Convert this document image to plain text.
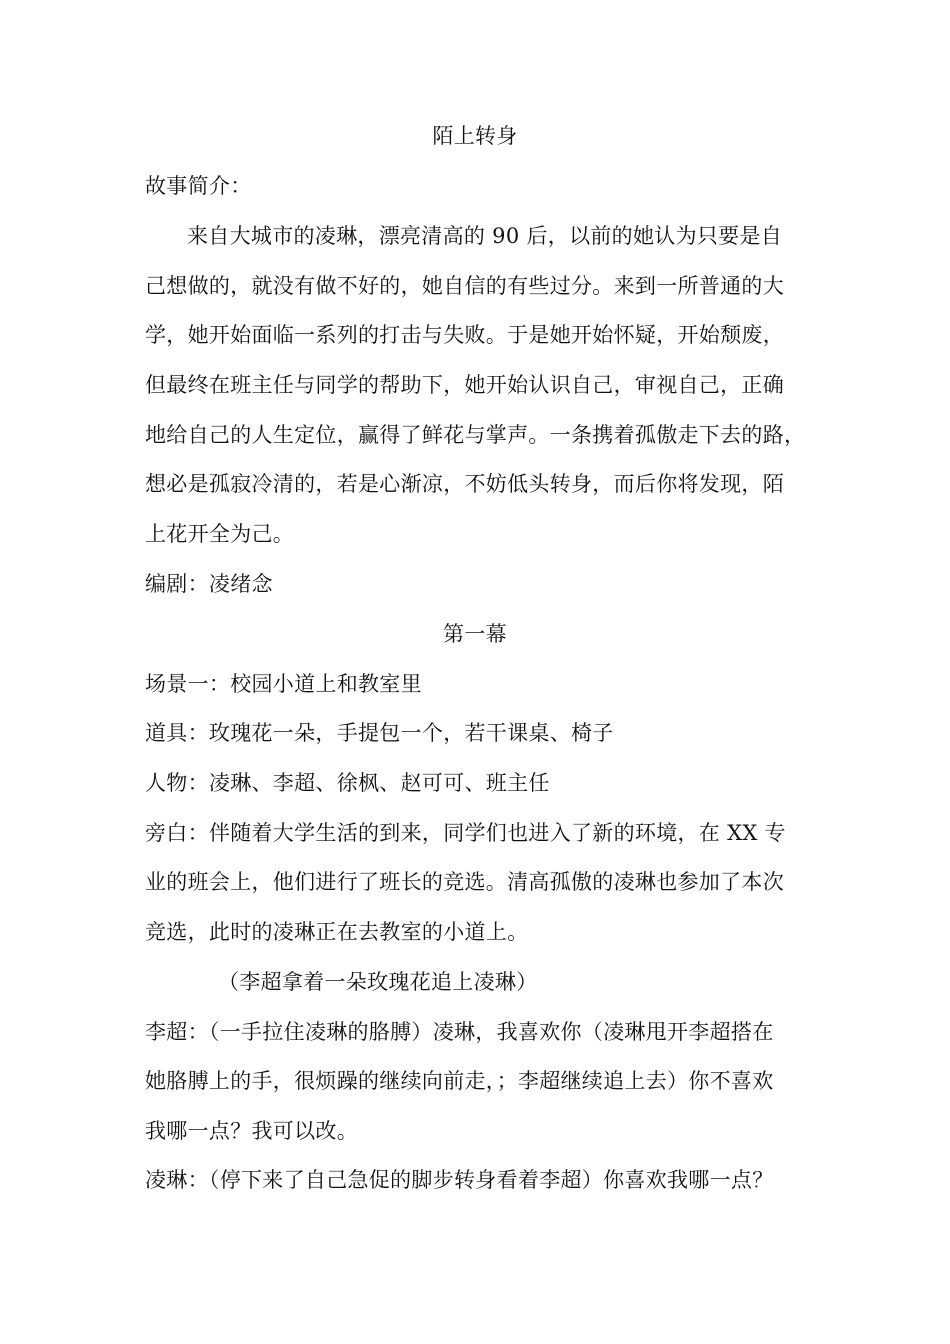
陌上转身
故事简介：
来自大城市的凌琳，漂亮清高的 90 后，以前的她认为只要是自
己想做的，就没有做不好的，她自信的有些过分。来到一所普通的大
学，她开始面临一系列的打击与失败。于是她开始怀疑，开始颓废，
但最终在班主任与同学的帮助下，她开始认识自己，审视自己，正确
地给自己的人生定位，赢得了鲜花与掌声。一条携着孤傲走下去的路，
想必是孤寂冷清的，若是心渐凉，不妨低头转身，而后你将发现，陌
上花开全为己。
编剧：凌绪念
第一幕
场景一：校园小道上和教室里
道具：玫瑰花一朵，手提包一个，若干课桌、椅子
人物：凌琳、李超、徐枫、赵可可、班主任
旁白：伴随着大学生活的到来，同学们也进入了新的环境，在 XX 专
业的班会上，他们进行了班长的竞选。清高孤傲的凌琳也参加了本次
竞选，此时的凌琳正在去教室的小道上。
（李超拿着一朵玫瑰花追上凌琳）
李超：（一手拉住凌琳的胳膊）凌琳，我喜欢你（凌琳甩开李超搭在
她胳膊上的手，很烦躁的继续向前走，；李超继续追上去）你不喜欢
我哪一点？我可以改。
凌琳：（停下来了自己急促的脚步转身看着李超）你喜欢我哪一点？
